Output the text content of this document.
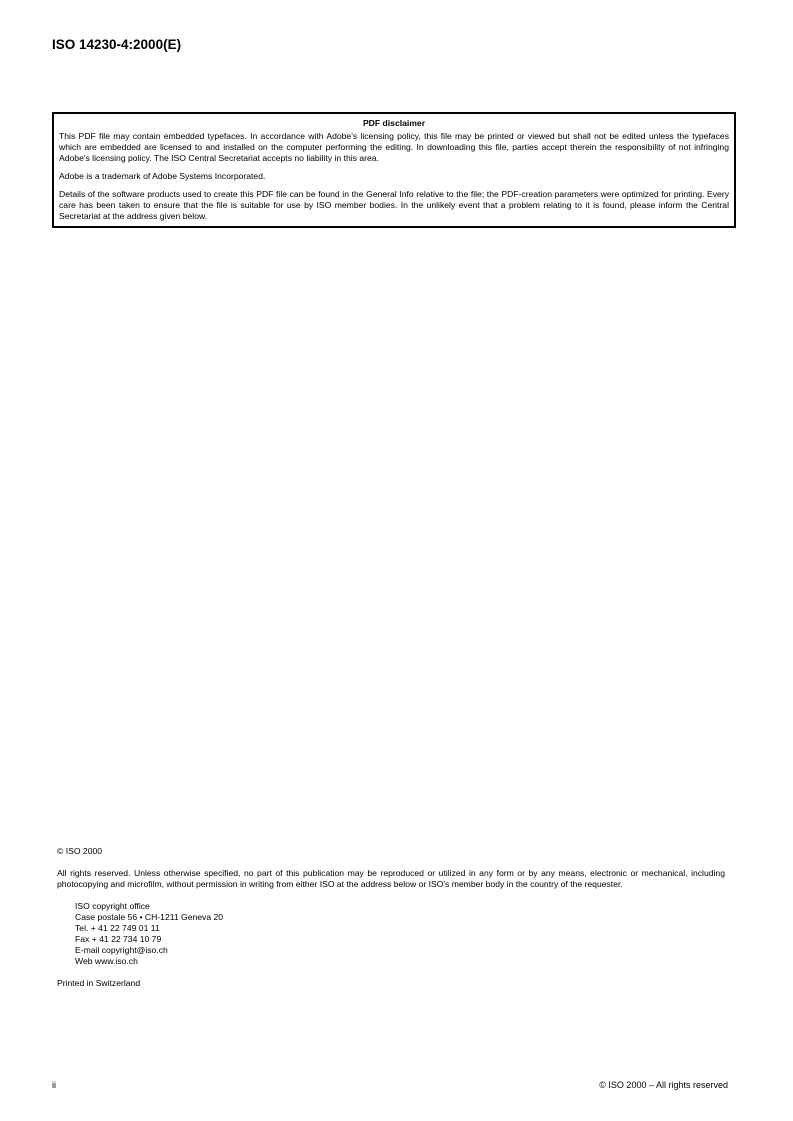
ISO 14230-4:2000(E)
PDF disclaimer

This PDF file may contain embedded typefaces. In accordance with Adobe's licensing policy, this file may be printed or viewed but shall not be edited unless the typefaces which are embedded are licensed to and installed on the computer performing the editing. In downloading this file, parties accept therein the responsibility of not infringing Adobe's licensing policy. The ISO Central Secretariat accepts no liability in this area.

Adobe is a trademark of Adobe Systems Incorporated.

Details of the software products used to create this PDF file can be found in the General Info relative to the file; the PDF-creation parameters were optimized for printing. Every care has been taken to ensure that the file is suitable for use by ISO member bodies. In the unlikely event that a problem relating to it is found, please inform the Central Secretariat at the address given below.

© ISO 2000

All rights reserved. Unless otherwise specified, no part of this publication may be reproduced or utilized in any form or by any means, electronic or mechanical, including photocopying and microfilm, without permission in writing from either ISO at the address below or ISO's member body in the country of the requester.

ISO copyright office
Case postale 56 • CH-1211 Geneva 20
Tel. + 41 22 749 01 11
Fax + 41 22 734 10 79
E-mail copyright@iso.ch
Web www.iso.ch

Printed in Switzerland

ii	© ISO 2000 – All rights reserved
